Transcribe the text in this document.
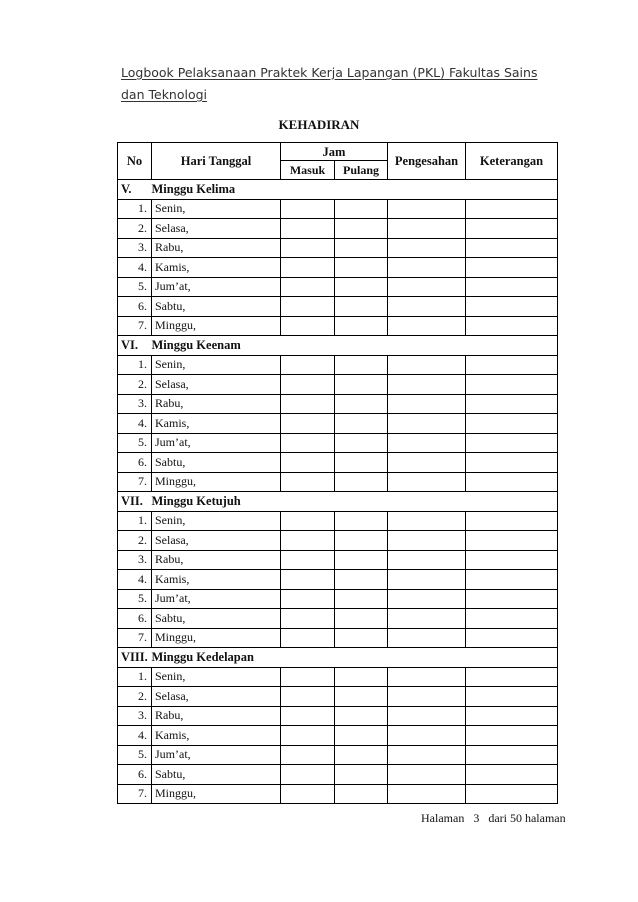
Logbook Pelaksanaan Praktek Kerja Lapangan (PKL) Fakultas Sains dan Teknologi
KEHADIRAN
No	Hari Tanggal	Jam		Pengesahan	Keterangan
		Masuk	Pulang		
V.	Minggu Kelima				
1.	Senin,				
2.	Selasa,				
3.	Rabu,				
4.	Kamis,				
5.	Jum’at,				
6.	Sabtu,				
7.	Minggu,				
VI.	Minggu Keenam				
1.	Senin,				
2.	Selasa,				
3.	Rabu,				
4.	Kamis,				
5.	Jum’at,				
6.	Sabtu,				
7.	Minggu,				
VII.	Minggu Ketujuh				
1.	Senin,				
2.	Selasa,				
3.	Rabu,				
4.	Kamis,				
5.	Jum’at,				
6.	Sabtu,				
7.	Minggu,				
VIII.	Minggu Kedelapan				
1.	Senin,				
2.	Selasa,				
3.	Rabu,				
4.	Kamis,				
5.	Jum’at,				
6.	Sabtu,				
7.	Minggu,				
Halaman   3   dari 50 halaman
